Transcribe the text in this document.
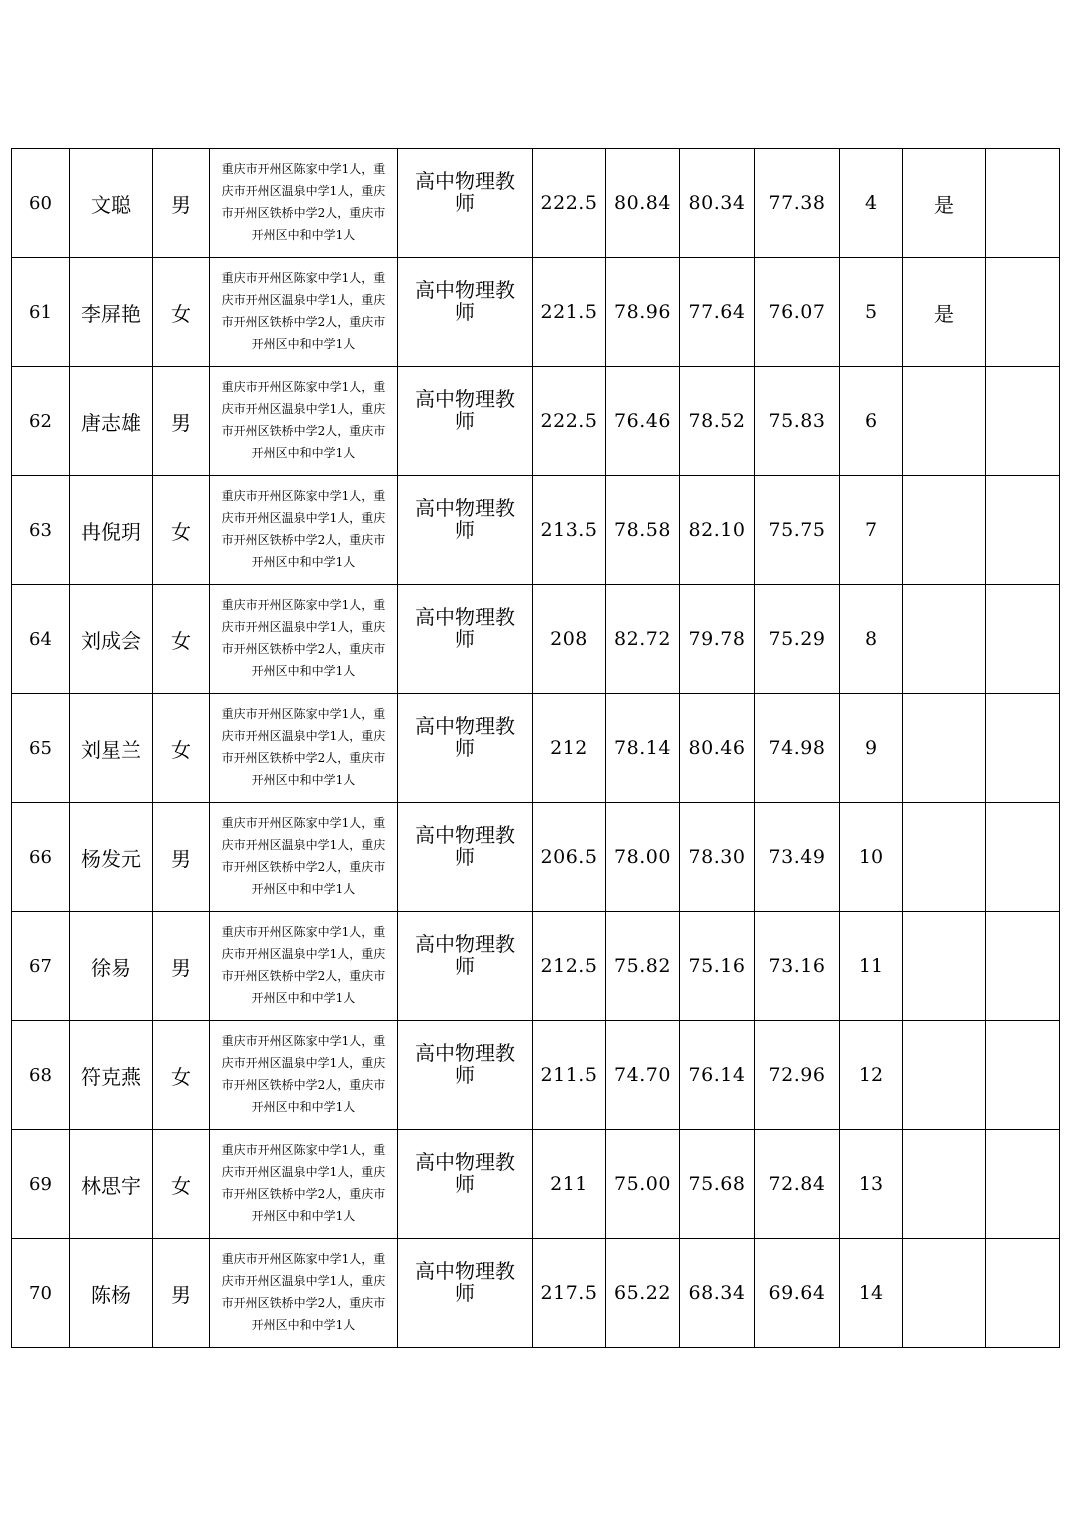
60	文聪	男	重庆市开州区陈家中学1人，重庆市开州区温泉中学1人，重庆市开州区铁桥中学2人，重庆市开州区中和中学1人	高中物理教师	222.5	80.84	80.34	77.38	4	是	
61	李屏艳	女	重庆市开州区陈家中学1人，重庆市开州区温泉中学1人，重庆市开州区铁桥中学2人，重庆市开州区中和中学1人	高中物理教师	221.5	78.96	77.64	76.07	5	是	
62	唐志雄	男	重庆市开州区陈家中学1人，重庆市开州区温泉中学1人，重庆市开州区铁桥中学2人，重庆市开州区中和中学1人	高中物理教师	222.5	76.46	78.52	75.83	6		
63	冉倪玥	女	重庆市开州区陈家中学1人，重庆市开州区温泉中学1人，重庆市开州区铁桥中学2人，重庆市开州区中和中学1人	高中物理教师	213.5	78.58	82.10	75.75	7		
64	刘成会	女	重庆市开州区陈家中学1人，重庆市开州区温泉中学1人，重庆市开州区铁桥中学2人，重庆市开州区中和中学1人	高中物理教师	208	82.72	79.78	75.29	8		
65	刘星兰	女	重庆市开州区陈家中学1人，重庆市开州区温泉中学1人，重庆市开州区铁桥中学2人，重庆市开州区中和中学1人	高中物理教师	212	78.14	80.46	74.98	9		
66	杨发元	男	重庆市开州区陈家中学1人，重庆市开州区温泉中学1人，重庆市开州区铁桥中学2人，重庆市开州区中和中学1人	高中物理教师	206.5	78.00	78.30	73.49	10		
67	徐易	男	重庆市开州区陈家中学1人，重庆市开州区温泉中学1人，重庆市开州区铁桥中学2人，重庆市开州区中和中学1人	高中物理教师	212.5	75.82	75.16	73.16	11		
68	符克燕	女	重庆市开州区陈家中学1人，重庆市开州区温泉中学1人，重庆市开州区铁桥中学2人，重庆市开州区中和中学1人	高中物理教师	211.5	74.70	76.14	72.96	12		
69	林思宇	女	重庆市开州区陈家中学1人，重庆市开州区温泉中学1人，重庆市开州区铁桥中学2人，重庆市开州区中和中学1人	高中物理教师	211	75.00	75.68	72.84	13		
70	陈杨	男	重庆市开州区陈家中学1人，重庆市开州区温泉中学1人，重庆市开州区铁桥中学2人，重庆市开州区中和中学1人	高中物理教师	217.5	65.22	68.34	69.64	14		
